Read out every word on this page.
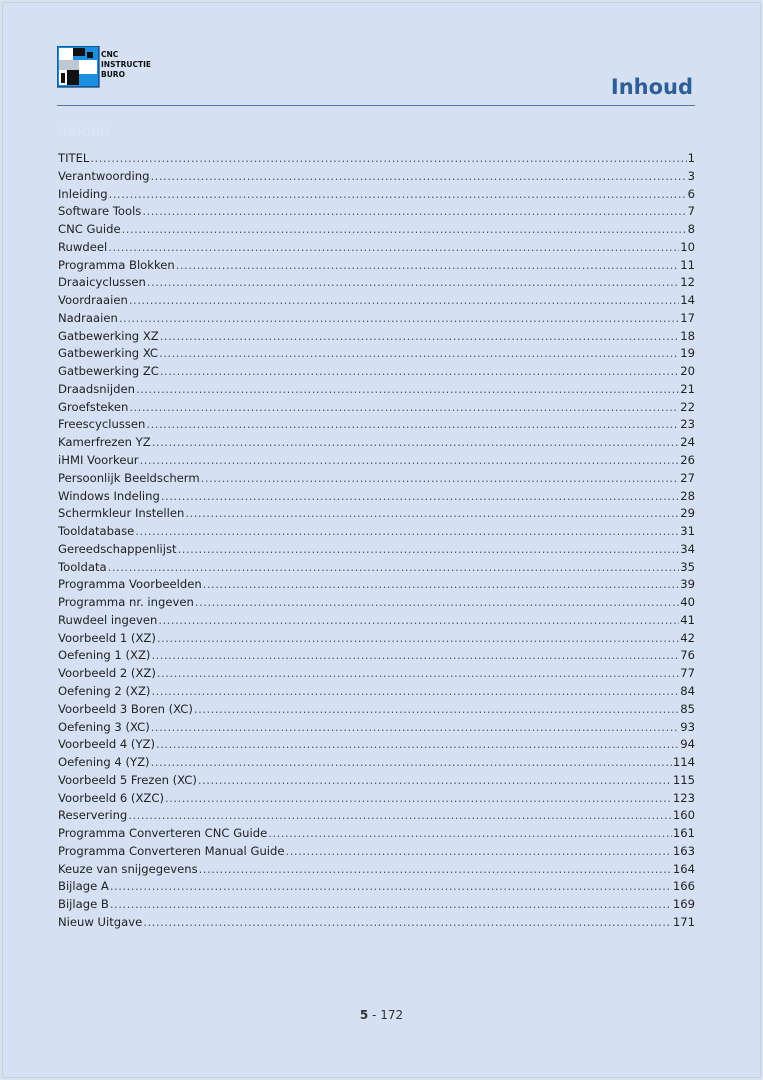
CNC
INSTRUCTIE
BURO
Inhoud
Inhoud
TITEL .....	1
Verantwoording .....	3
Inleiding .....	6
Software Tools .....	7
CNC Guide .....	8
Ruwdeel .....	10
Programma Blokken .....	11
Draaicyclussen .....	12
Voordraaien .....	14
Nadraaien .....	17
Gatbewerking XZ .....	18
Gatbewerking XC .....	19
Gatbewerking ZC .....	20
Draadsnijden .....	21
Groefsteken .....	22
Freescyclussen .....	23
Kamerfrezen YZ .....	24
iHMI Voorkeur .....	26
Persoonlijk Beeldscherm .....	27
Windows Indeling .....	28
Schermkleur Instellen .....	29
Tooldatabase .....	31
Gereedschappenlijst .....	34
Tooldata .....	35
Programma Voorbeelden .....	39
Programma nr. ingeven .....	40
Ruwdeel ingeven .....	41
Voorbeeld 1 (XZ) .....	42
Oefening 1 (XZ) .....	76
Voorbeeld 2 (XZ) .....	77
Oefening 2 (XZ) .....	84
Voorbeeld 3 Boren (XC) .....	85
Oefening 3 (XC) .....	93
Voorbeeld 4 (YZ) .....	94
Oefening 4 (YZ) .....	114
Voorbeeld 5 Frezen (XC) .....	115
Voorbeeld 6 (XZC) .....	123
Reservering .....	160
Programma Converteren CNC Guide .....	161
Programma Converteren Manual Guide .....	163
Keuze van snijgegevens .....	164
Bijlage A .....	166
Bijlage B .....	169
Nieuw Uitgave .....	171
5 - 172
